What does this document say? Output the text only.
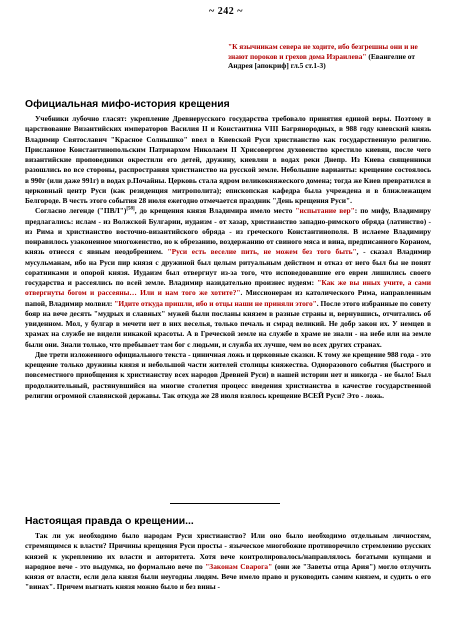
~ 242 ~
"К язычникам севера не ходите, ибо безгрешны они и не знают пороков и грехов дома Израилева" (Евангелие от Андрея [апокриф] гл.5 ст.1-3)
Официальная мифо-история крещения

Учебники лубочно гласят: укрепление Древнерусского государства требовало принятия единой веры. Поэтому в царствование Византийских императоров Василия II и Константина VIII Багрянородных, в 988 году киевский князь Владимир Святославич "Красное Солнышко" ввел в Киевской Руси христианство как государственную религию. Присланное Константинопольским Патриархом Николаем II Хрисовергом духовенство крестило киевян, после чего византийские проповедники окрестили его детей, дружину, киевлян в водах реки Днепр. Из Киева священники разошлись во все стороны, распространяя христианство на русской земле. Небольшие варианты: крещение состоялось в 990г (или даже 991г) в водах р.Почайны. Церковь стала ядром великокняжеского домена; тогда же Киев превратился в церковный центр Руси (как резиденция митрополита); епископская кафедра была учреждена и в ближлежащем Белгороде. В честь этого события 28 июля ежегодно отмечается праздник "День крещения Руси".

Согласно легенде ("ПВЛ")[58], до крещения князя Владимира имело место "испытание вер": по мифу, Владимиру предлагались: ислам - из Волжской Булгарии, иудаизм - от хазар, христианство западно-римского обряда (латинство) - из Рима и христианство восточно-византийского обряда - из греческого Константинополя. В ислаеме Владимиру понравилось узаконенное многоженство, но к обрезанию, воздержанию от свиного мяса и вина, предписанного Кораном, князь отнесся с явным неодобрением. "Руси есть веселие пить, не можем без того быть", - сказал Владимир мусульманам, ибо на Руси пир князя с дружиной был целым ритуальным действом и отказ от него был бы не понят соратниками и опорой князя. Иудаизм был отвергнут из-за того, что исповедовавшие его евреи лишились своего государства и рассеялись по всей земле. Владимир назидательно произнес иудеям: "Как же вы иных учите, а сами отвергнуты богом и рассеяны… Или и нам того же хотите?". Миссионерам из католического Рима, направленным папой, Владимир молвил: "Идите откуда пришли, ибо и отцы наши не приняли этого". После этого избранные по совету бояр на вече десять "мудрых и славных" мужей были посланы князем в разные страны и, вернувшись, отчитались об увиденном. Мол, у булгар в мечети нет в них веселья, только печаль и смрад великий. Не добр закон их. У немцев в храмах на службе не видели никакой красоты. А в Греческой земле на службе в храме не знали - на небе или на земле были они. Знали только, что пребывает там бог с людьми, и служба их лучше, чем во всех других странах.

Две трети изложенного официального текста - циничная ложь и церковные сказки. К тому же крещение 988 года - это крещение только дружины князя и небольшой части жителей столицы княжества. Одноразового события (быстрого и повсеместного приобщения к христианству всех народов Древней Руси) в нашей истории нет и никогда - не было! Был продолжительный, растянувшийся на многие столетия процесс введения христианства в качестве государственной религии огромной славянской державы. Так откуда же 28 июля взялось крещение ВСЕЙ Руси? Это - ложь.

Настоящая правда о крещении...

Так ли уж необходимо было народам Руси христианство? Или оно было необходимо отдельным личностям, стремящимся к власти? Причины крещения Руси просты - языческое многобожие противоречило стремлению русских князей к укреплению их власти и авторитета. Хотя вече контролировалось/направлялось богатыми купцами и народное вече - это выдумка, но формально вече по "Законам Сварога" (они же "Заветы отца Ария") могло отлучить князя от власти, если дела князя были неугодны людям. Вече имело право и руководить самим князем, и судить о его "винах". Причем выгнать князя можно было и без вины -
